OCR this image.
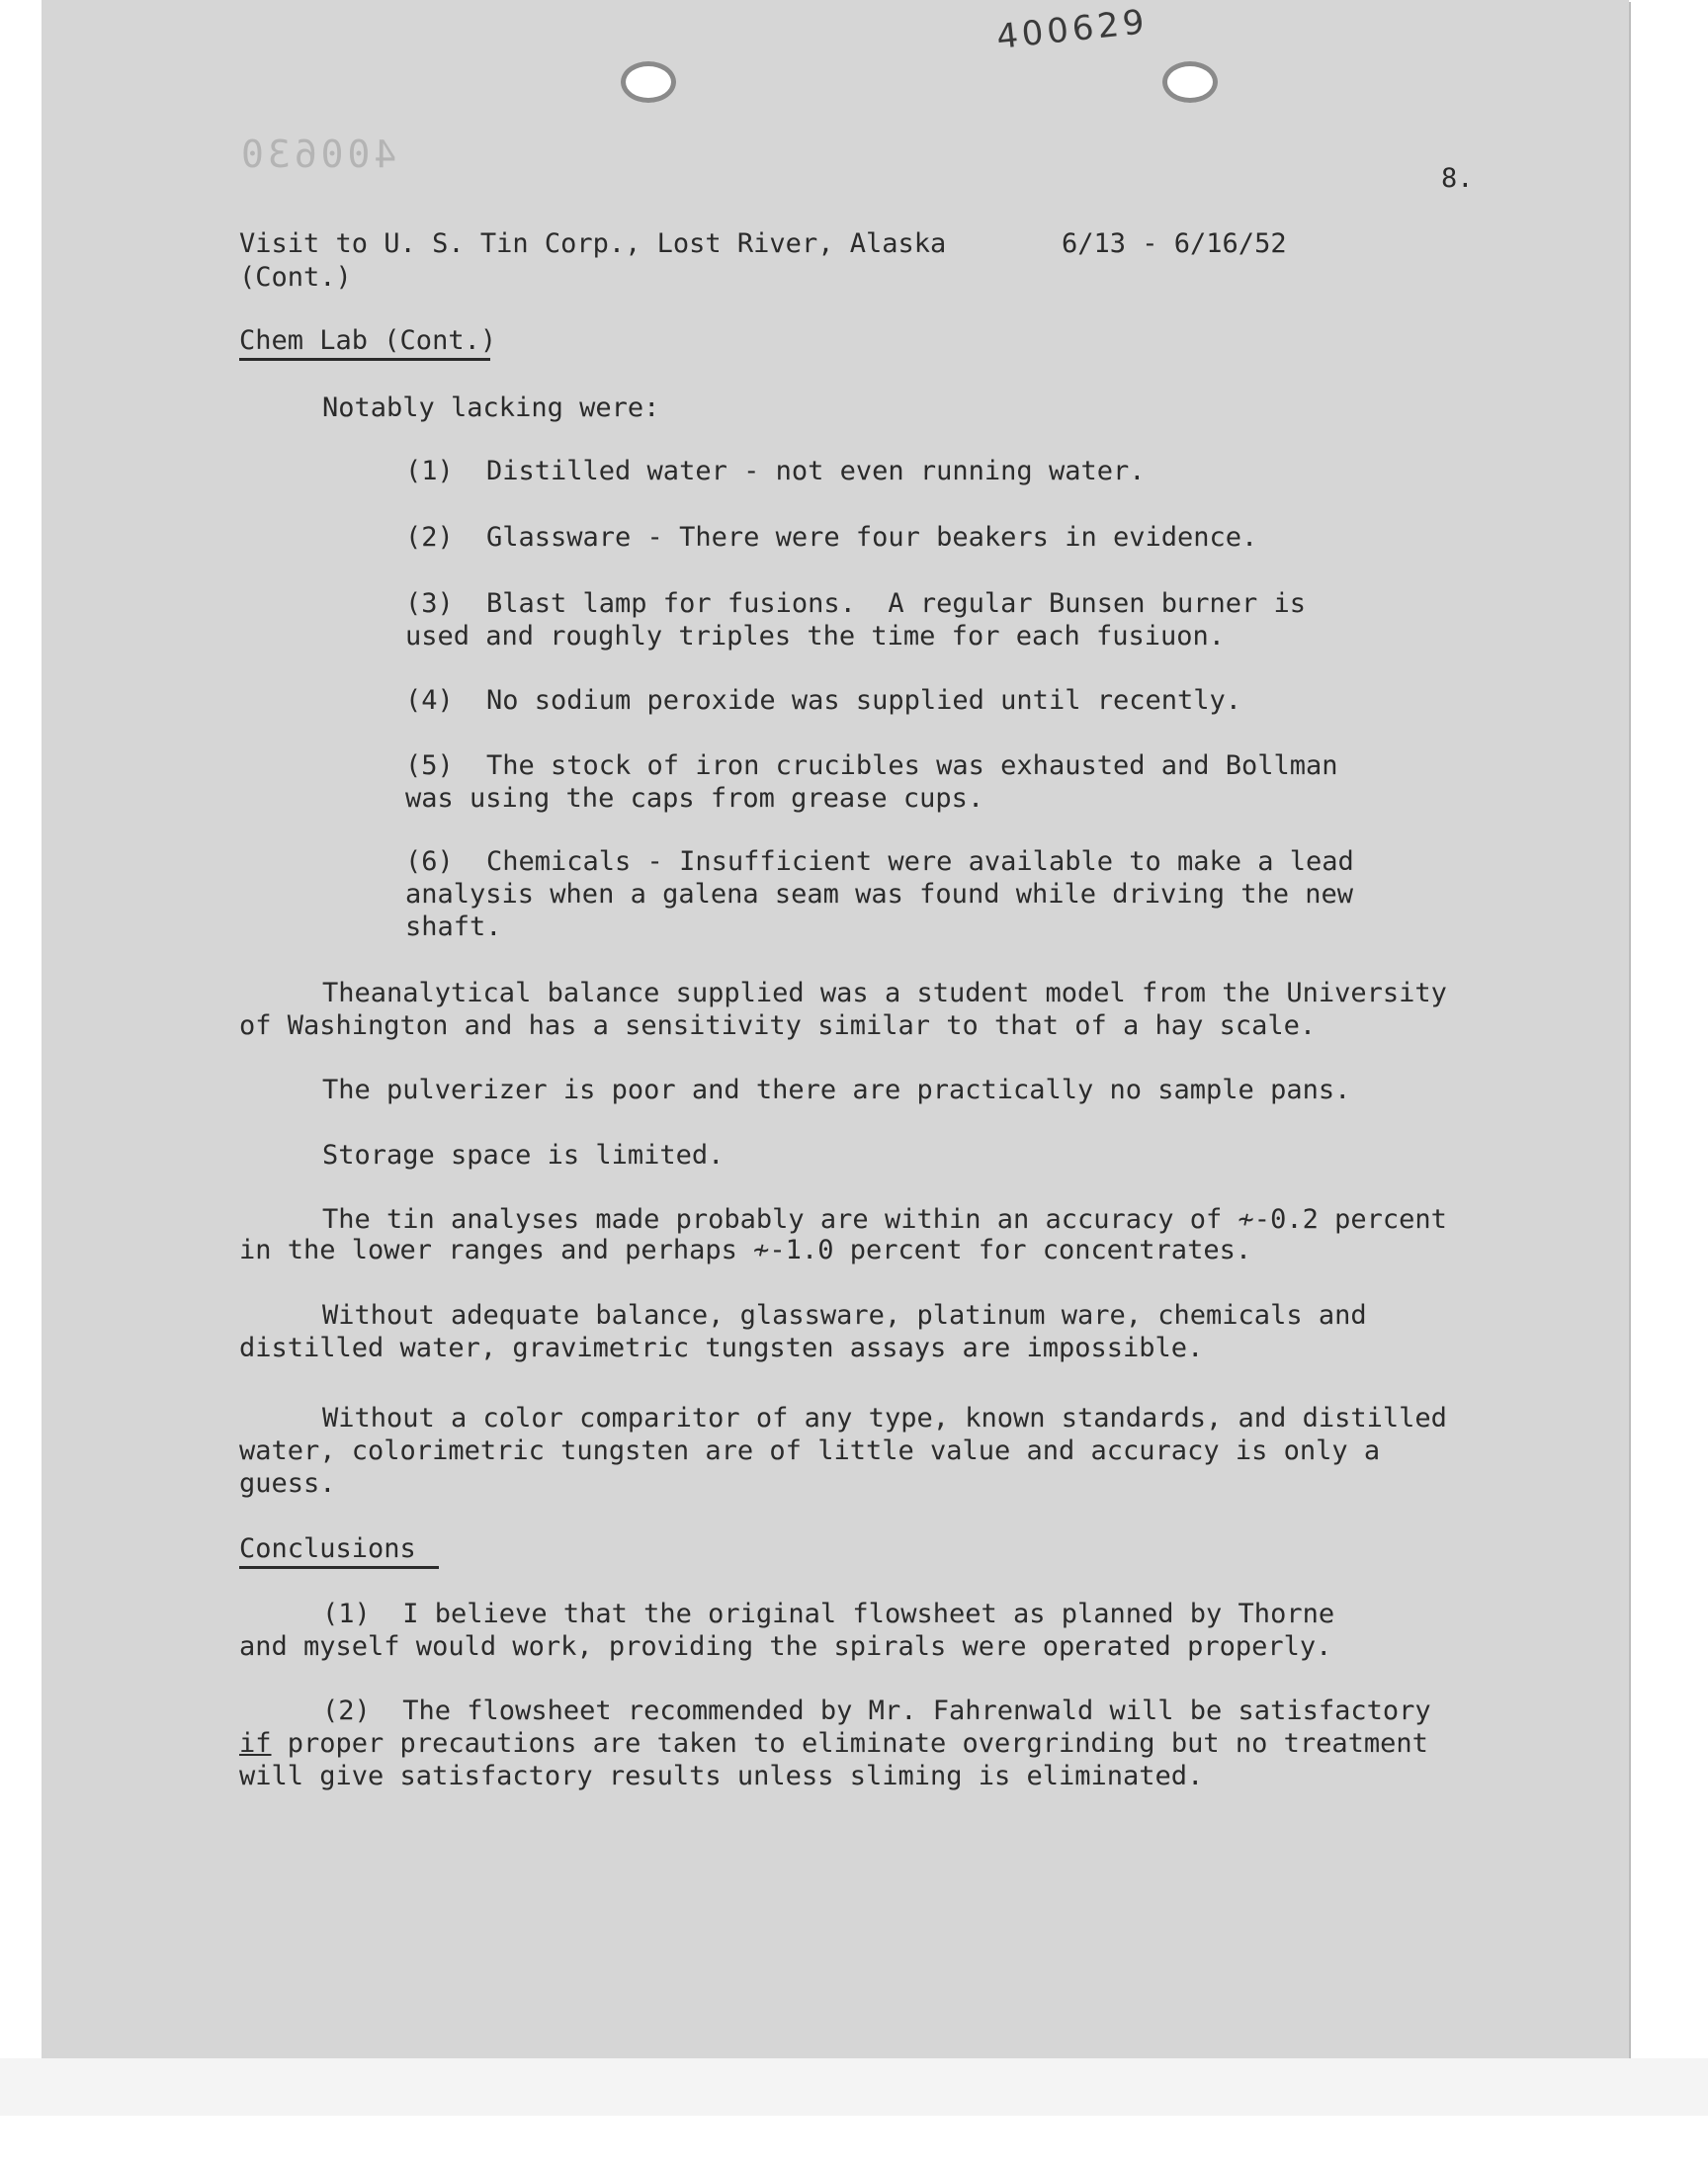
400629
400630
8.
Visit to U. S. Tin Corp., Lost River, Alaska	6/13 - 6/16/52
(Cont.)
Chem Lab (Cont.)
Notably lacking were:
(1) Distilled water - not even running water.
(2) Glassware - There were four beakers in evidence.
(3) Blast lamp for fusions.  A regular Bunsen burner is
used and roughly triples the time for each fusiuon.
(4) No sodium peroxide was supplied until recently.
(5) The stock of iron crucibles was exhausted and Bollman
was using the caps from grease cups.
(6) Chemicals - Insufficient were available to make a lead
analysis when a galena seam was found while driving the new
shaft.
Theanalytical balance supplied was a student model from the University
of Washington and has a sensitivity similar to that of a hay scale.
The pulverizer is poor and there are practically no sample pans.
Storage space is limited.
The tin analyses made probably are within an accuracy of ≁-0.2 percent
in the lower ranges and perhaps ≁-1.0 percent for concentrates.
Without adequate balance, glassware, platinum ware, chemicals and
distilled water, gravimetric tungsten assays are impossible.
Without a color comparitor of any type, known standards, and distilled
water, colorimetric tungsten are of little value and accuracy is only a
guess.
Conclusions
(1)  I believe that the original flowsheet as planned by Thorne
and myself would work, providing the spirals were operated properly.
(2)  The flowsheet recommended by Mr. Fahrenwald will be satisfactory
if proper precautions are taken to eliminate overgrinding but no treatment
will give satisfactory results unless sliming is eliminated.
